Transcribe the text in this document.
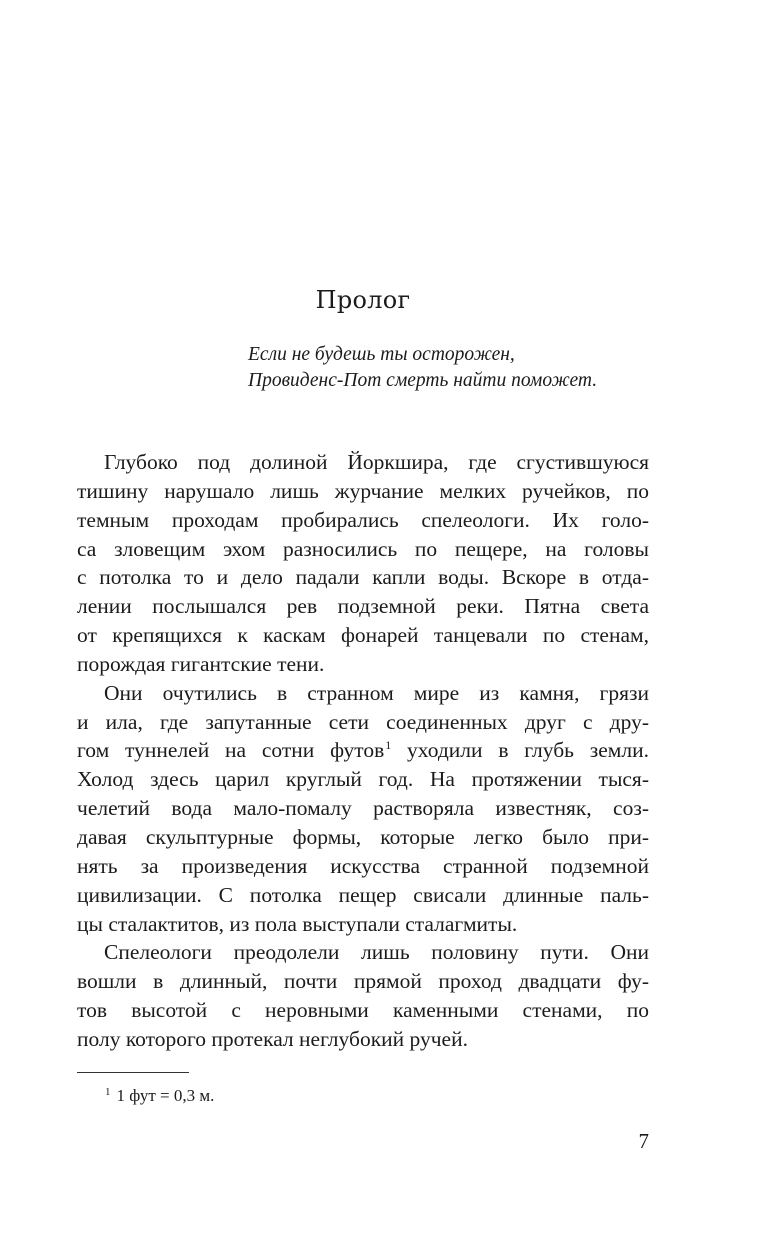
Пролог
Если не будешь ты осторожен,
Провиденс-Пот смерть найти поможет.
Глубоко под долиной Йоркшира, где сгустившуюся
тишину нарушало лишь журчание мелких ручейков, по
темным проходам пробирались спелеологи. Их голо-
са зловещим эхом разносились по пещере, на головы
с потолка то и дело падали капли воды. Вскоре в отда-
лении послышался рев подземной реки. Пятна света
от крепящихся к каскам фонарей танцевали по стенам,
порождая гигантские тени.
Они очутились в странном мире из камня, грязи
и ила, где запутанные сети соединенных друг с дру-
гом туннелей на сотни футов$^1$ уходили в глубь земли.
Холод здесь царил круглый год. На протяжении тыся-
челетий вода мало-помалу растворяла известняк, соз-
давая скульптурные формы, которые легко было при-
нять за произведения искусства странной подземной
цивилизации. С потолка пещер свисали длинные паль-
цы сталактитов, из пола выступали сталагмиты.
Спелеологи преодолели лишь половину пути. Они
вошли в длинный, почти прямой проход двадцати фу-
тов высотой с неровными каменными стенами, по
полу которого протекал неглубокий ручей.
$^1$ 1 фут = 0,3 м.
7
